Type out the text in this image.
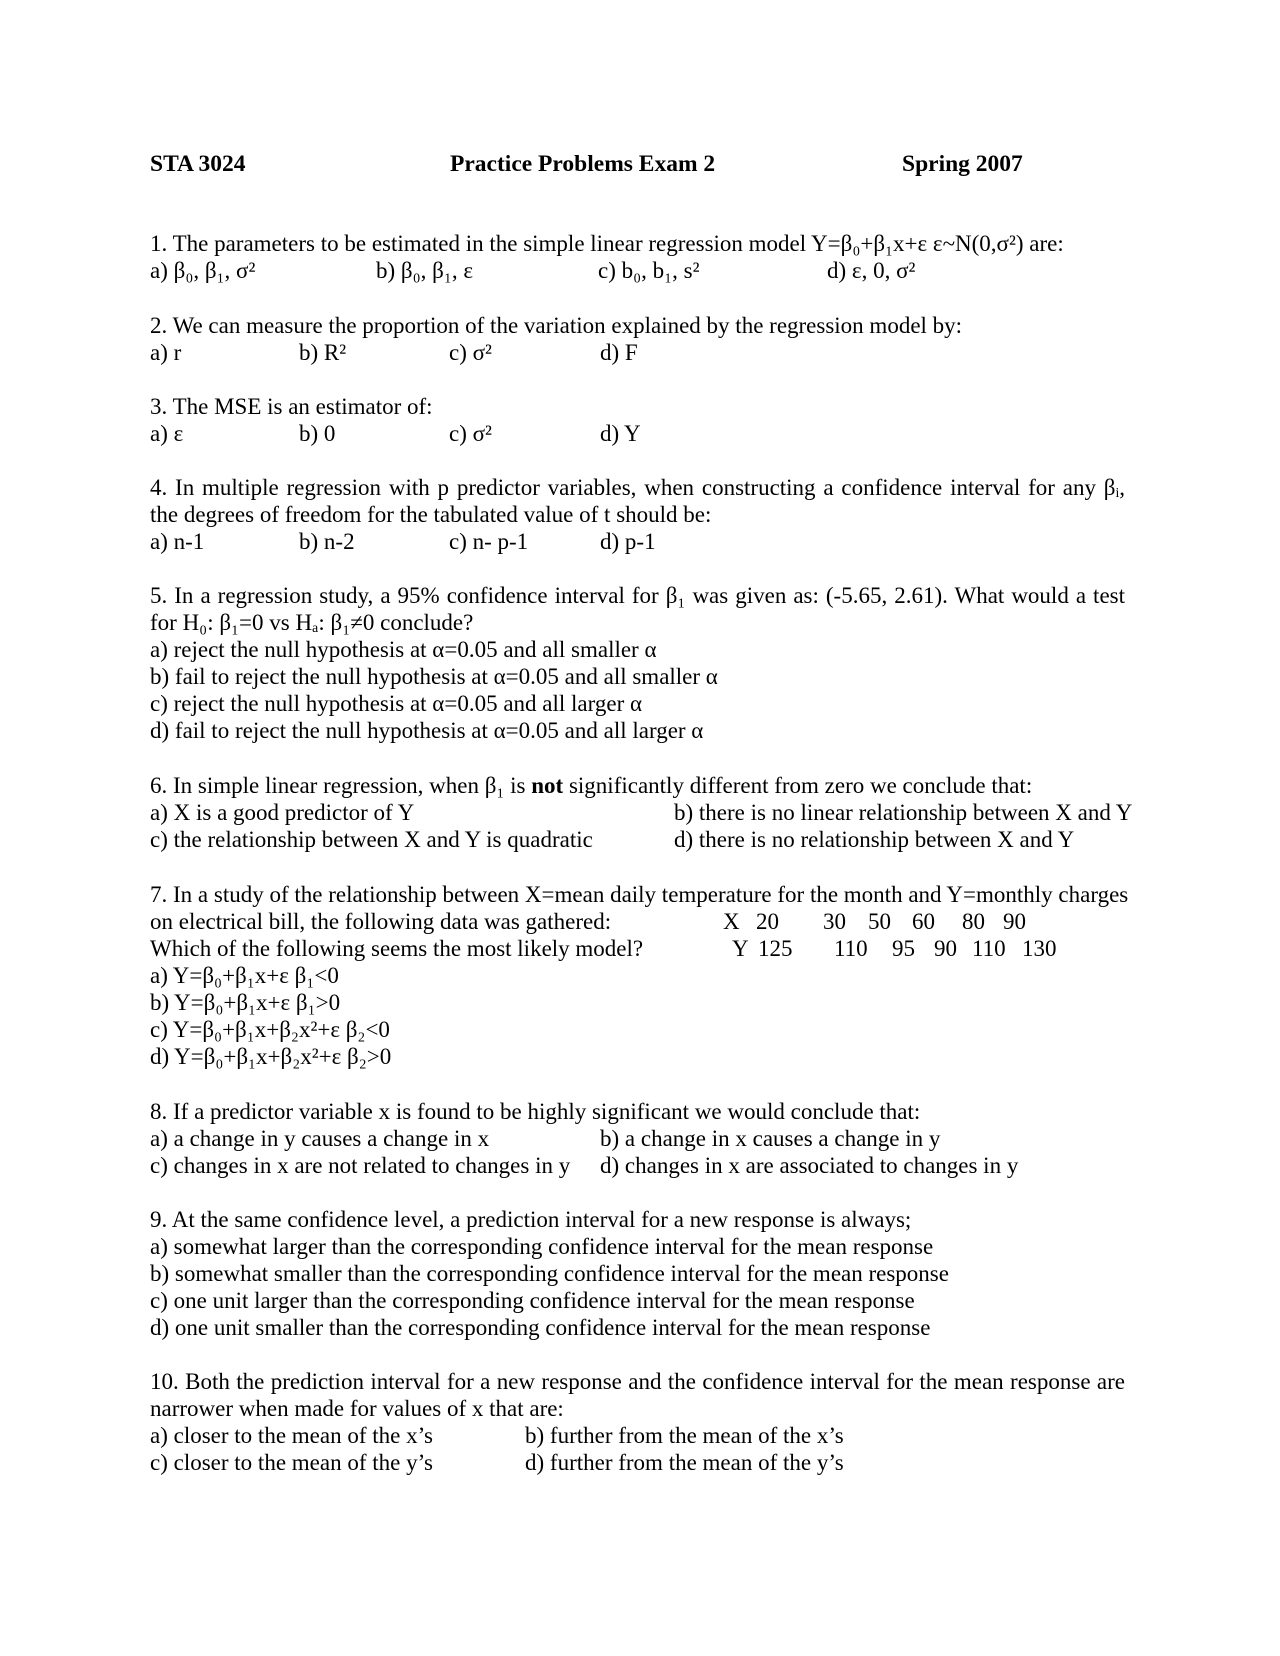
STA 3024	Practice Problems Exam 2	Spring 2007
1. The parameters to be estimated in the simple linear regression model Y=β₀+β₁x+ε ε~N(0,σ²) are:
a) β₀, β₁, σ²	b) β₀, β₁, ε	c) b₀, b₁, s²	d) ε, 0, σ²
2. We can measure the proportion of the variation explained by the regression model by:
a) r	b) R²	c) σ²	d) F
3. The MSE is an estimator of:
a) ε	b) 0	c) σ²	d) Y

4. In multiple regression with p predictor variables, when constructing a confidence interval for any βᵢ, the degrees of freedom for the tabulated value of t should be:

a) n-1	b) n-2	c) n- p-1	d) p-1

5. In a regression study, a 95% confidence interval for β₁ was given as: (-5.65, 2.61). What would a test for H₀: β₁=0 vs Hₐ: β₁≠0 conclude?

a) reject the null hypothesis at α=0.05 and all smaller α
b) fail to reject the null hypothesis at α=0.05 and all smaller α
c) reject the null hypothesis at α=0.05 and all larger α
d) fail to reject the null hypothesis at α=0.05 and all larger α
6. In simple linear regression, when β₁ is not significantly different from zero we conclude that:
a) X is a good predictor of Y	b) there is no linear relationship between X and Y
c) the relationship between X and Y is quadratic	d) there is no relationship between X and Y
7. In a study of the relationship between X=mean daily temperature for the month and Y=monthly charges
on electrical bill, the following data was gathered:	X 20 30 50 60 80 90
Which of the following seems the most likely model?	Y 125 110 95 90 110 130
a) Y=β₀+β₁x+ε β₁<0
b) Y=β₀+β₁x+ε β₁>0
c) Y=β₀+β₁x+β₂x²+ε β₂<0
d) Y=β₀+β₁x+β₂x²+ε β₂>0
8. If a predictor variable x is found to be highly significant we would conclude that:
a) a change in y causes a change in x	b) a change in x causes a change in y
c) changes in x are not related to changes in y d) changes in x are associated to changes in y
9. At the same confidence level, a prediction interval for a new response is always;
a) somewhat larger than the corresponding confidence interval for the mean response
b) somewhat smaller than the corresponding confidence interval for the mean response
c) one unit larger than the corresponding confidence interval for the mean response
d) one unit smaller than the corresponding confidence interval for the mean response

10. Both the prediction interval for a new response and the confidence interval for the mean response are narrower when made for values of x that are:

a) closer to the mean of the x’s	b) further from the mean of the x’s
c) closer to the mean of the y’s	d) further from the mean of the y’s
